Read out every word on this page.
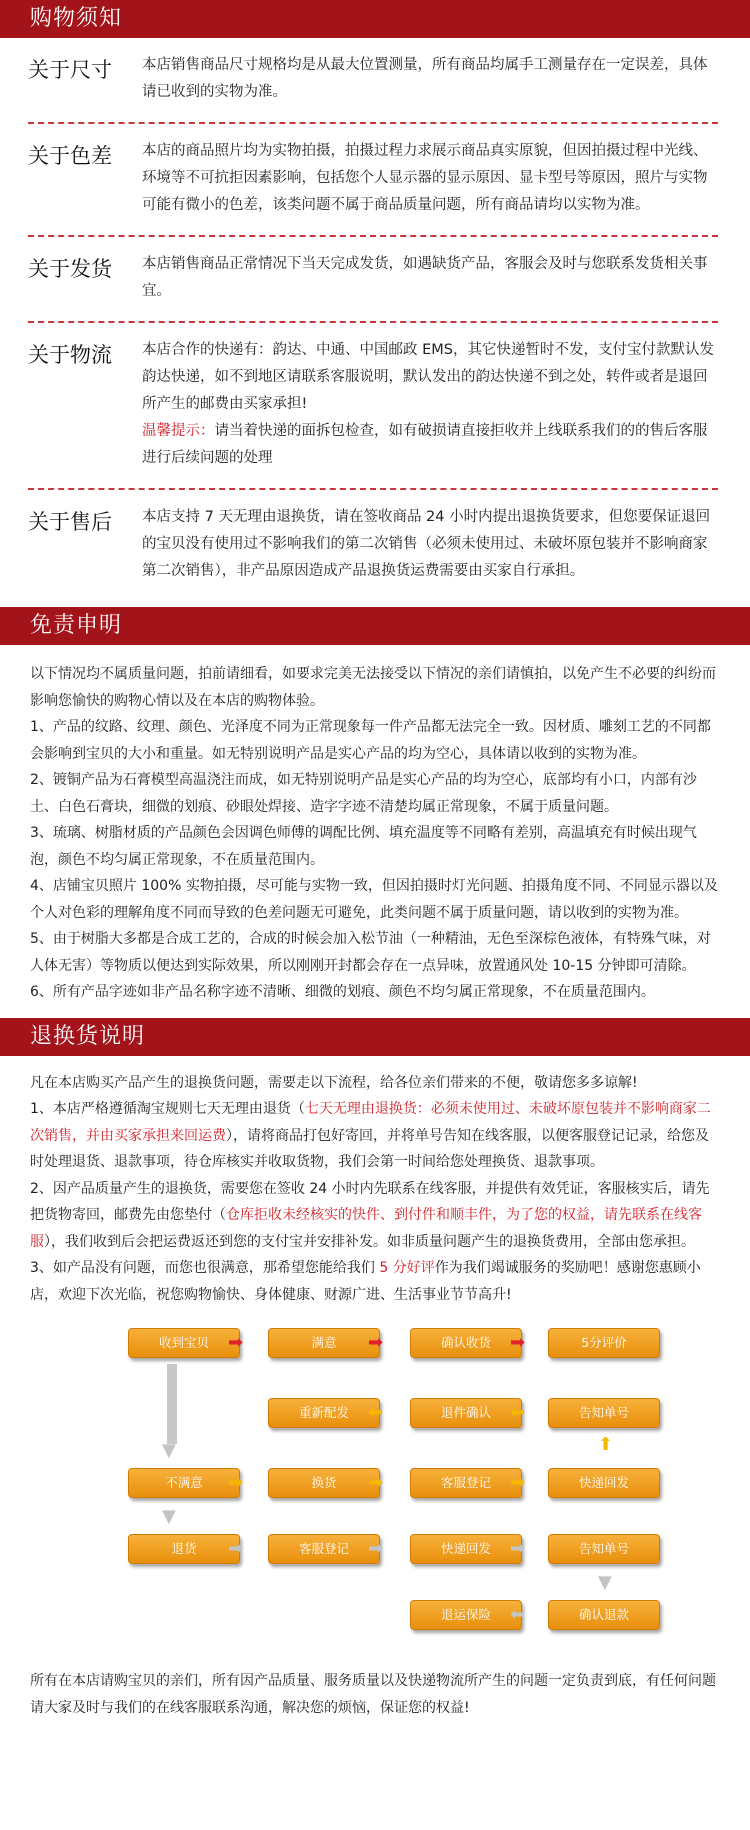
购物须知
关于尺寸	本店销售商品尺寸规格均是从最大位置测量，所有商品均属手工测量存在一定误差，具体请已收到的实物为准。
关于色差	本店的商品照片均为实物拍摄，拍摄过程力求展示商品真实原貌，但因拍摄过程中光线、环境等不可抗拒因素影响，包括您个人显示器的显示原因、显卡型号等原因，照片与实物可能有微小的色差，该类问题不属于商品质量问题，所有商品请均以实物为准。
关于发货	本店销售商品正常情况下当天完成发货，如遇缺货产品，客服会及时与您联系发货相关事宜。
关于物流	本店合作的快递有：韵达、中通、中国邮政 EMS，其它快递暂时不发，支付宝付款默认发韵达快递，如不到地区请联系客服说明，默认发出的韵达快递不到之处，转件或者是退回所产生的邮费由买家承担!
温馨提示：请当着快递的面拆包检查，如有破损请直接拒收并上线联系我们的的售后客服进行后续问题的处理
关于售后	本店支持 7 天无理由退换货，请在签收商品 24 小时内提出退换货要求，但您要保证退回的宝贝没有使用过不影响我们的第二次销售（必须未使用过、未破坏原包装并不影响商家第二次销售），非产品原因造成产品退换货运费需要由买家自行承担。
免责申明
以下情况均不属质量问题，拍前请细看，如要求完美无法接受以下情况的亲们请慎拍，以免产生不必要的纠纷而影响您愉快的购物心情以及在本店的购物体验。
1、产品的纹路、纹理、颜色、光泽度不同为正常现象每一件产品都无法完全一致。因材质、雕刻工艺的不同都会影响到宝贝的大小和重量。如无特别说明产品是实心产品的均为空心，具体请以收到的实物为准。
2、镀铜产品为石膏模型高温浇注而成，如无特别说明产品是实心产品的均为空心，底部均有小口，内部有沙土、白色石膏块，细微的划痕、砂眼处焊接、造字字迹不清楚均属正常现象，不属于质量问题。
3、琉璃、树脂材质的产品颜色会因调色师傅的调配比例、填充温度等不同略有差别，高温填充有时候出现气泡，颜色不均匀属正常现象，不在质量范围内。
4、店铺宝贝照片 100% 实物拍摄，尽可能与实物一致，但因拍摄时灯光问题、拍摄角度不同、不同显示器以及个人对色彩的理解角度不同而导致的色差问题无可避免，此类问题不属于质量问题，请以收到的实物为准。
5、由于树脂大多都是合成工艺的，合成的时候会加入松节油（一种精油，无色至深棕色液体，有特殊气味，对人体无害）等物质以便达到实际效果，所以刚刚开封都会存在一点异味，放置通风处 10-15 分钟即可清除。
6、所有产品字迹如非产品名称字迹不清晰、细微的划痕、颜色不均匀属正常现象，不在质量范围内。
退换货说明
凡在本店购买产品产生的退换货问题，需要走以下流程，给各位亲们带来的不便，敬请您多多谅解!
1、本店严格遵循淘宝规则七天无理由退货（七天无理由退换货：必须未使用过、未破坏原包装并不影响商家二次销售，并由买家承担来回运费），请将商品打包好寄回，并将单号告知在线客服，以便客服登记记录，给您及时处理退货、退款事项，待仓库核实并收取货物，我们会第一时间给您处理换货、退款事项。
2、因产品质量产生的退换货，需要您在签收 24 小时内先联系在线客服，并提供有效凭证，客服核实后，请先把货物寄回，邮费先由您垫付（仓库拒收未经核实的快件、到付件和顺丰件，为了您的权益，请先联系在线客服），我们收到后会把运费返还到您的支付宝并安排补发。如非质量问题产生的退换货费用，全部由您承担。
3、如产品没有问题，而您也很满意，那希望您能给我们 5 分好评作为我们竭诚服务的奖励吧！感谢您惠顾小店，欢迎下次光临，祝您购物愉快、身体健康、财源广进、生活事业节节高升!
收到宝贝	➡	满意	➡	确认收货	➡	5分评价
▼
重新配发	⬅	退件确认	⬅	告知单号
⬆
不满意	➡	换货	➡	客服登记	➡	快递回发
▼
退货	➡	客服登记	➡	快递回发	➡	告知单号
▼
退运保险	⬅	确认退款
所有在本店请购宝贝的亲们，所有因产品质量、服务质量以及快递物流所产生的问题一定负责到底，有任何问题请大家及时与我们的在线客服联系沟通，解决您的烦恼，保证您的权益!
